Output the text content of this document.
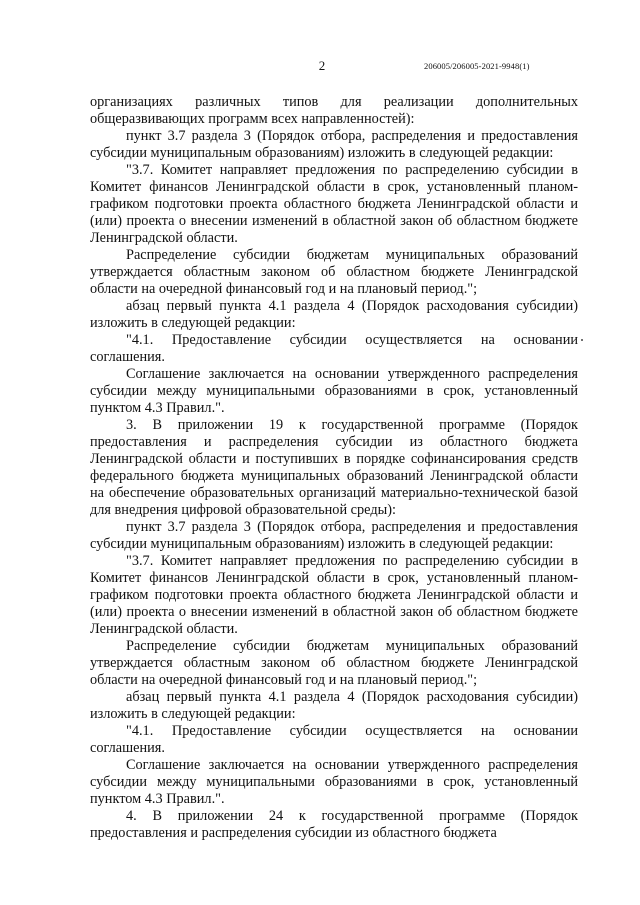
2	206005/206005-2021-9948(1)

организациях различных типов для реализации дополнительных общеразвивающих программ всех направленностей):

пункт 3.7 раздела 3 (Порядок отбора, распределения и предоставления субсидии муниципальным образованиям) изложить в следующей редакции:

"3.7. Комитет направляет предложения по распределению субсидии в Комитет финансов Ленинградской области в срок, установленный планом-графиком подготовки проекта областного бюджета Ленинградской области и (или) проекта о внесении изменений в областной закон об областном бюджете Ленинградской области.

Распределение субсидии бюджетам муниципальных образований утверждается областным законом об областном бюджете Ленинградской области на очередной финансовый год и на плановый период.";

абзац первый пункта 4.1 раздела 4 (Порядок расходования субсидии) изложить в следующей редакции:

"4.1. Предоставление субсидии осуществляется на основании соглашения.

Соглашение заключается на основании утвержденного распределения субсидии между муниципальными образованиями в срок, установленный пунктом 4.3 Правил.".

3. В приложении 19 к государственной программе (Порядок предоставления и распределения субсидии из областного бюджета Ленинградской области и поступивших в порядке софинансирования средств федерального бюджета муниципальных образований Ленинградской области на обеспечение образовательных организаций материально-технической базой для внедрения цифровой образовательной среды):

пункт 3.7 раздела 3 (Порядок отбора, распределения и предоставления субсидии муниципальным образованиям) изложить в следующей редакции:

"3.7. Комитет направляет предложения по распределению субсидии в Комитет финансов Ленинградской области в срок, установленный планом-графиком подготовки проекта областного бюджета Ленинградской области и (или) проекта о внесении изменений в областной закон об областном бюджете Ленинградской области.

Распределение субсидии бюджетам муниципальных образований утверждается областным законом об областном бюджете Ленинградской области на очередной финансовый год и на плановый период.";

абзац первый пункта 4.1 раздела 4 (Порядок расходования субсидии) изложить в следующей редакции:

"4.1. Предоставление субсидии осуществляется на основании соглашения.

Соглашение заключается на основании утвержденного распределения субсидии между муниципальными образованиями в срок, установленный пунктом 4.3 Правил.".

4. В приложении 24 к государственной программе (Порядок предоставления и распределения субсидии из областного бюджета
